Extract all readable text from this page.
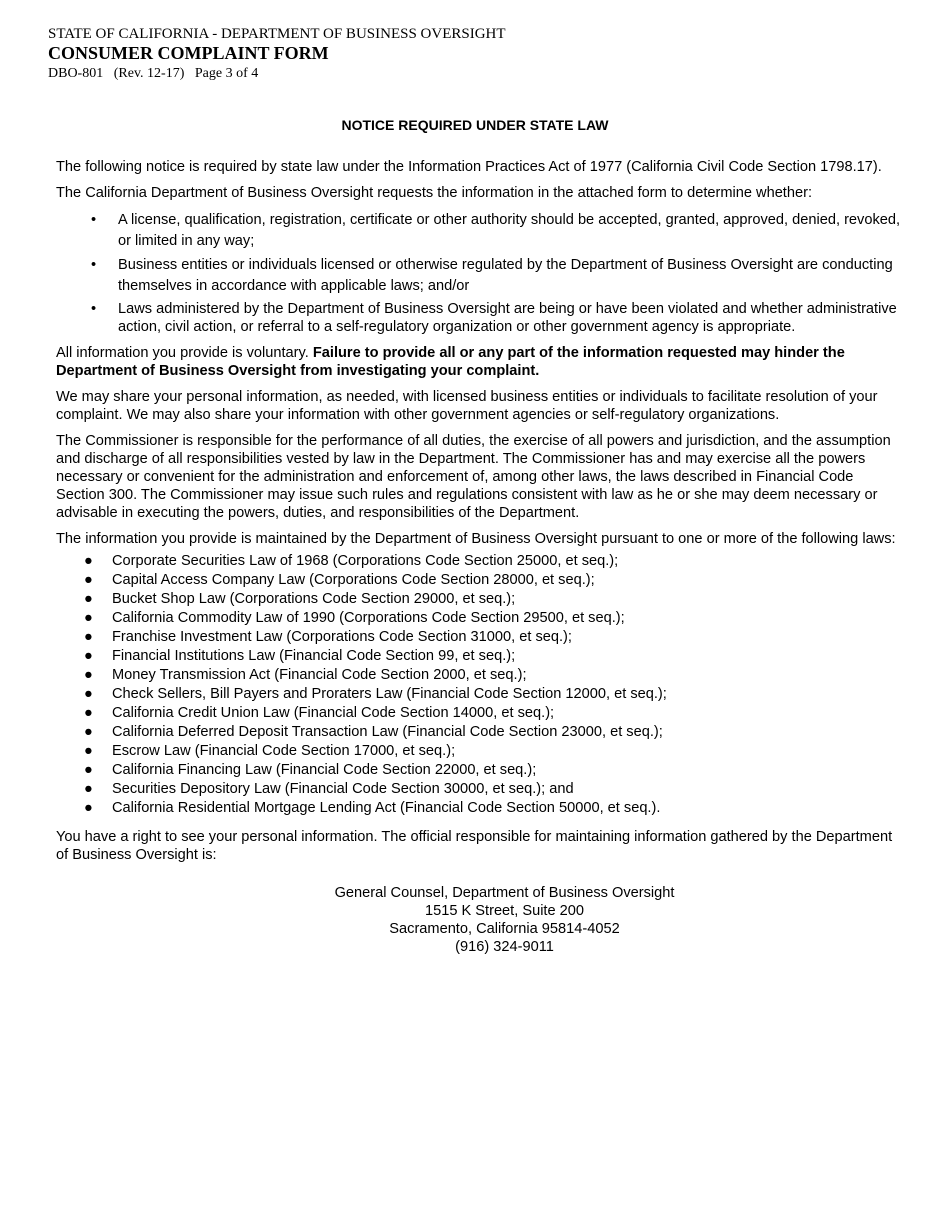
STATE OF CALIFORNIA - DEPARTMENT OF BUSINESS OVERSIGHT
CONSUMER COMPLAINT FORM
DBO-801 (Rev. 12-17) Page 3 of 4
NOTICE REQUIRED UNDER STATE LAW

The following notice is required by state law under the Information Practices Act of 1977 (California Civil Code Section 1798.17).

The California Department of Business Oversight requests the information in the attached form to determine whether:

• A license, qualification, registration, certificate or other authority should be accepted, granted, approved, denied, revoked, or limited in any way;
• Business entities or individuals licensed or otherwise regulated by the Department of Business Oversight are conducting themselves in accordance with applicable laws; and/or
• Laws administered by the Department of Business Oversight are being or have been violated and whether administrative action, civil action, or referral to a self-regulatory organization or other government agency is appropriate.

All information you provide is voluntary. Failure to provide all or any part of the information requested may hinder the Department of Business Oversight from investigating your complaint.

We may share your personal information, as needed, with licensed business entities or individuals to facilitate resolution of your complaint. We may also share your information with other government agencies or self-regulatory organizations.

The Commissioner is responsible for the performance of all duties, the exercise of all powers and jurisdiction, and the assumption and discharge of all responsibilities vested by law in the Department. The Commissioner has and may exercise all the powers necessary or convenient for the administration and enforcement of, among other laws, the laws described in Financial Code Section 300. The Commissioner may issue such rules and regulations consistent with law as he or she may deem necessary or advisable in executing the powers, duties, and responsibilities of the Department.

The information you provide is maintained by the Department of Business Oversight pursuant to one or more of the following laws:

● Corporate Securities Law of 1968 (Corporations Code Section 25000, et seq.);
● Capital Access Company Law (Corporations Code Section 28000, et seq.);
● Bucket Shop Law (Corporations Code Section 29000, et seq.);
● California Commodity Law of 1990 (Corporations Code Section 29500, et seq.);
● Franchise Investment Law (Corporations Code Section 31000, et seq.);
● Financial Institutions Law (Financial Code Section 99, et seq.);
● Money Transmission Act (Financial Code Section 2000, et seq.);
● Check Sellers, Bill Payers and Proraters Law (Financial Code Section 12000, et seq.);
● California Credit Union Law (Financial Code Section 14000, et seq.);
● California Deferred Deposit Transaction Law (Financial Code Section 23000, et seq.);
● Escrow Law (Financial Code Section 17000, et seq.);
● California Financing Law (Financial Code Section 22000, et seq.);
● Securities Depository Law (Financial Code Section 30000, et seq.); and
● California Residential Mortgage Lending Act (Financial Code Section 50000, et seq.).

You have a right to see your personal information. The official responsible for maintaining information gathered by the Department of Business Oversight is:

General Counsel, Department of Business Oversight
1515 K Street, Suite 200
Sacramento, California 95814-4052
(916) 324-9011
